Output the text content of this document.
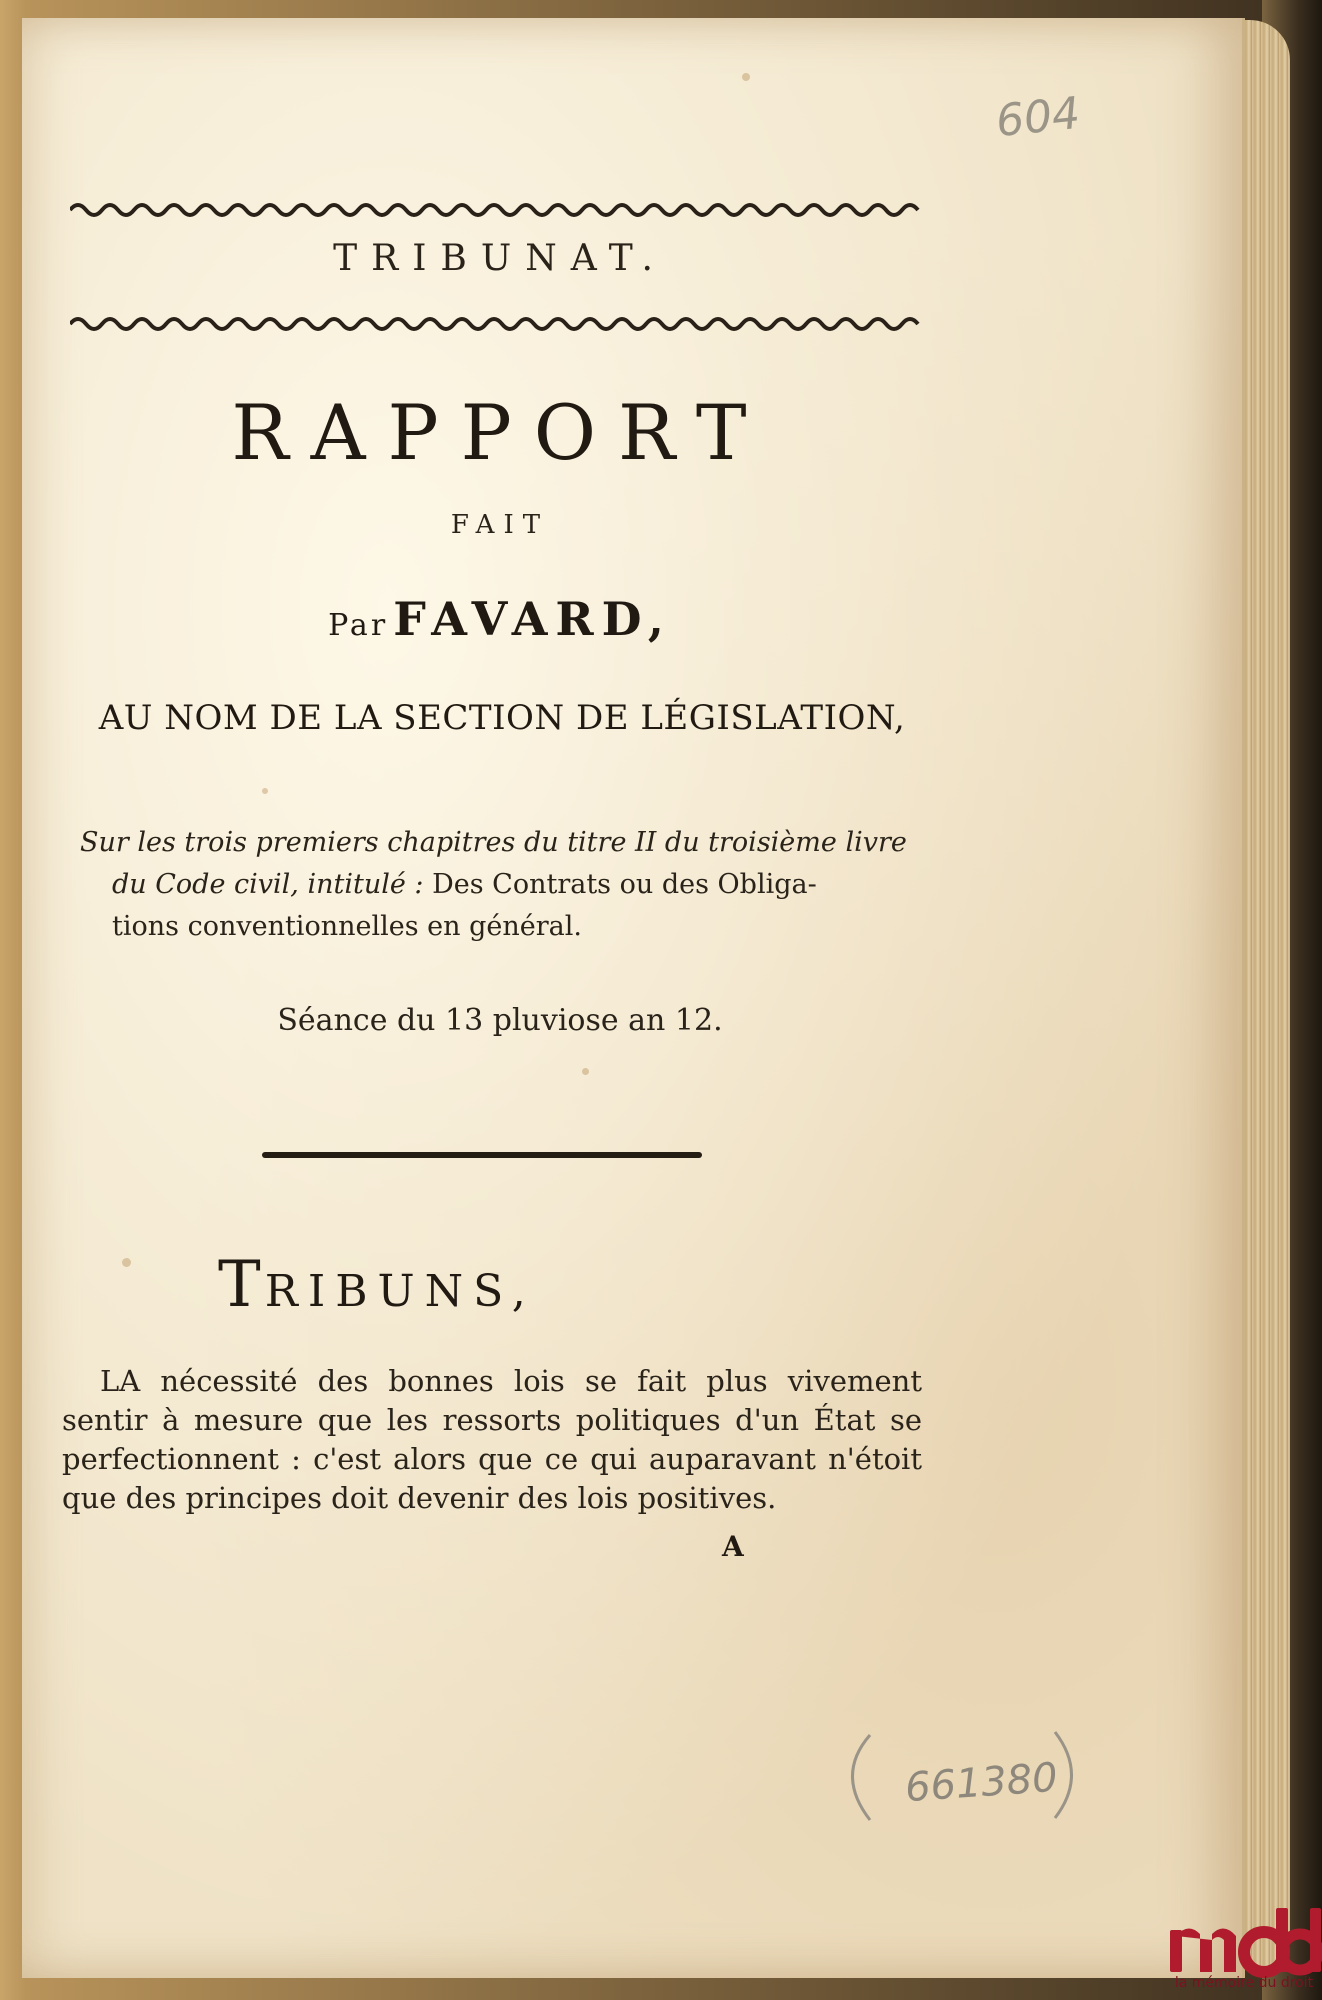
TRIBUNAT.
RAPPORT
FAIT
Par FAVARD,
AU NOM DE LA SECTION DE LÉGISLATION,

Sur les trois premiers chapitres du titre II du troisième livre

du Code civil, intitulé : Des Contrats ou des Obliga-

tions conventionnelles en général.

Séance du 13 pluviose an 12.
TRIBUNS,

LA nécessité des bonnes lois se fait plus vivement sentir à mesure que les ressorts politiques d'un État se perfectionnent : c'est alors que ce qui auparavant n'étoit que des principes doit devenir des lois positives.

A
604
661380
la mémoire du droit
